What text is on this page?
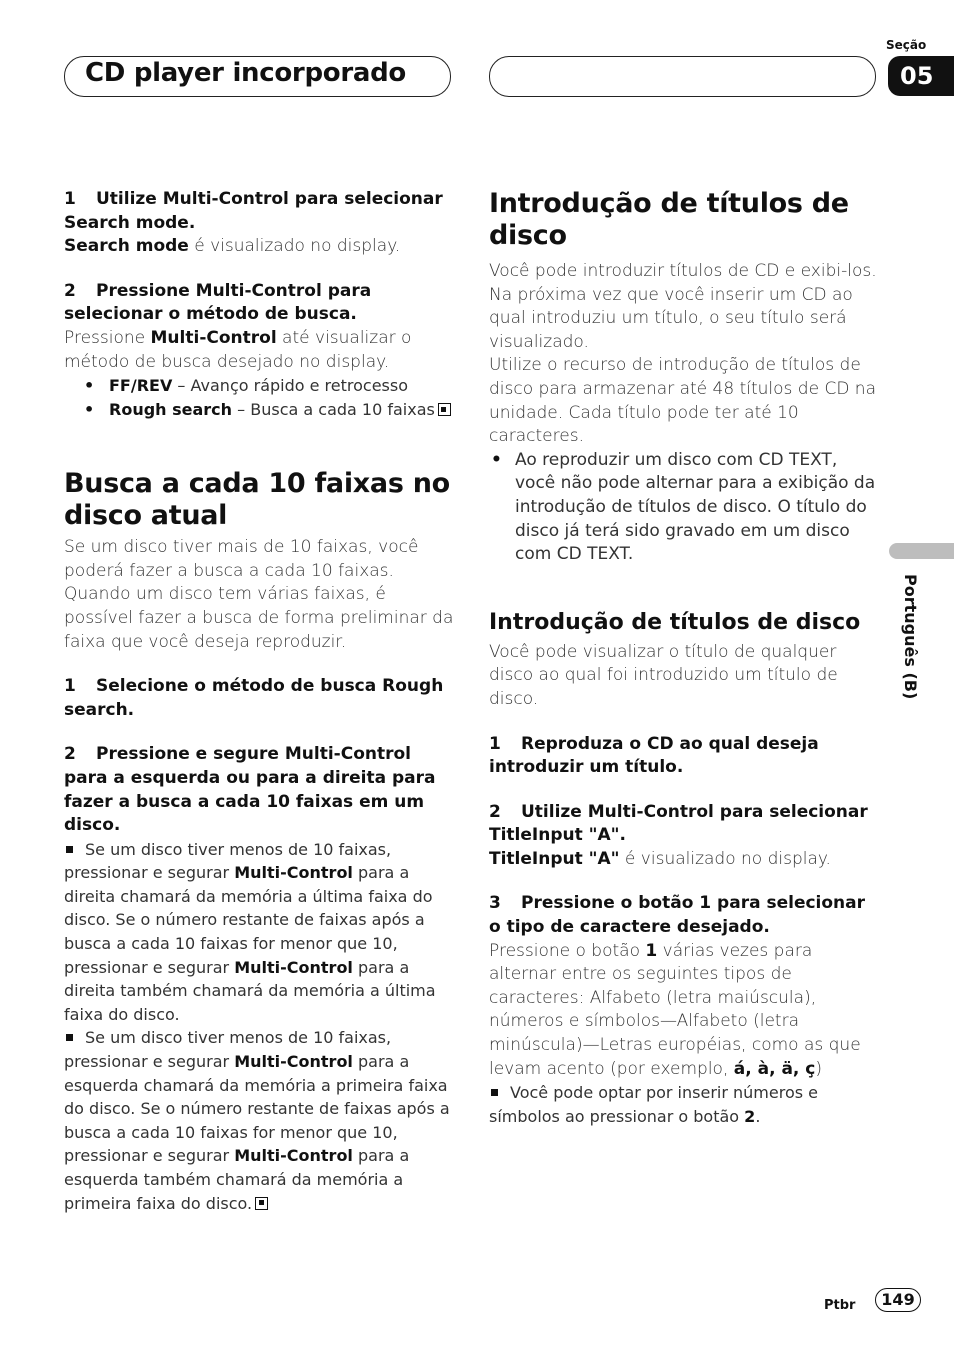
CD player incorporado
Seção
05
Português (B)

1 Utilize Multi-Control para selecionar Search mode.

Search mode é visualizado no display.

2 Pressione Multi-Control para selecionar o método de busca.

Pressione Multi-Control até visualizar o método de busca desejado no display.

• FF/REV – Avanço rápido e retrocesso
• Rough search – Busca a cada 10 faixas
Busca a cada 10 faixas no disco atual

Se um disco tiver mais de 10 faixas, você poderá fazer a busca a cada 10 faixas. Quando um disco tem várias faixas, é possível fazer a busca de forma preliminar da faixa que você deseja reproduzir.

1 Selecione o método de busca Rough search.

2 Pressione e segure Multi-Control para a esquerda ou para a direita para fazer a busca a cada 10 faixas em um disco.

Se um disco tiver menos de 10 faixas, pressionar e segurar Multi-Control para a direita chamará da memória a última faixa do disco. Se o número restante de faixas após a busca a cada 10 faixas for menor que 10, pressionar e segurar Multi-Control para a direita também chamará da memória a última faixa do disco.

Se um disco tiver menos de 10 faixas, pressionar e segurar Multi-Control para a esquerda chamará da memória a primeira faixa do disco. Se o número restante de faixas após a busca a cada 10 faixas for menor que 10, pressionar e segurar Multi-Control para a esquerda também chamará da memória a primeira faixa do disco.

Introdução de títulos de disco

Você pode introduzir títulos de CD e exibi-los. Na próxima vez que você inserir um CD ao qual introduziu um título, o seu título será visualizado.

Utilize o recurso de introdução de títulos de disco para armazenar até 48 títulos de CD na unidade. Cada título pode ter até 10 caracteres.

• Ao reproduzir um disco com CD TEXT, você não pode alternar para a exibição da introdução de títulos de disco. O título do disco já terá sido gravado em um disco com CD TEXT.
Introdução de títulos de disco

Você pode visualizar o título de qualquer disco ao qual foi introduzido um título de disco.

1 Reproduza o CD ao qual deseja introduzir um título.

2 Utilize Multi-Control para selecionar TitleInput "A".

TitleInput "A" é visualizado no display.

3 Pressione o botão 1 para selecionar o tipo de caractere desejado.

Pressione o botão 1 várias vezes para alternar entre os seguintes tipos de caracteres: Alfabeto (letra maiúscula), números e símbolos—Alfabeto (letra minúscula)—Letras européias, como as que levam acento (por exemplo, á, à, ä, ç)

Você pode optar por inserir números e símbolos ao pressionar o botão 2.

Ptbr	149
